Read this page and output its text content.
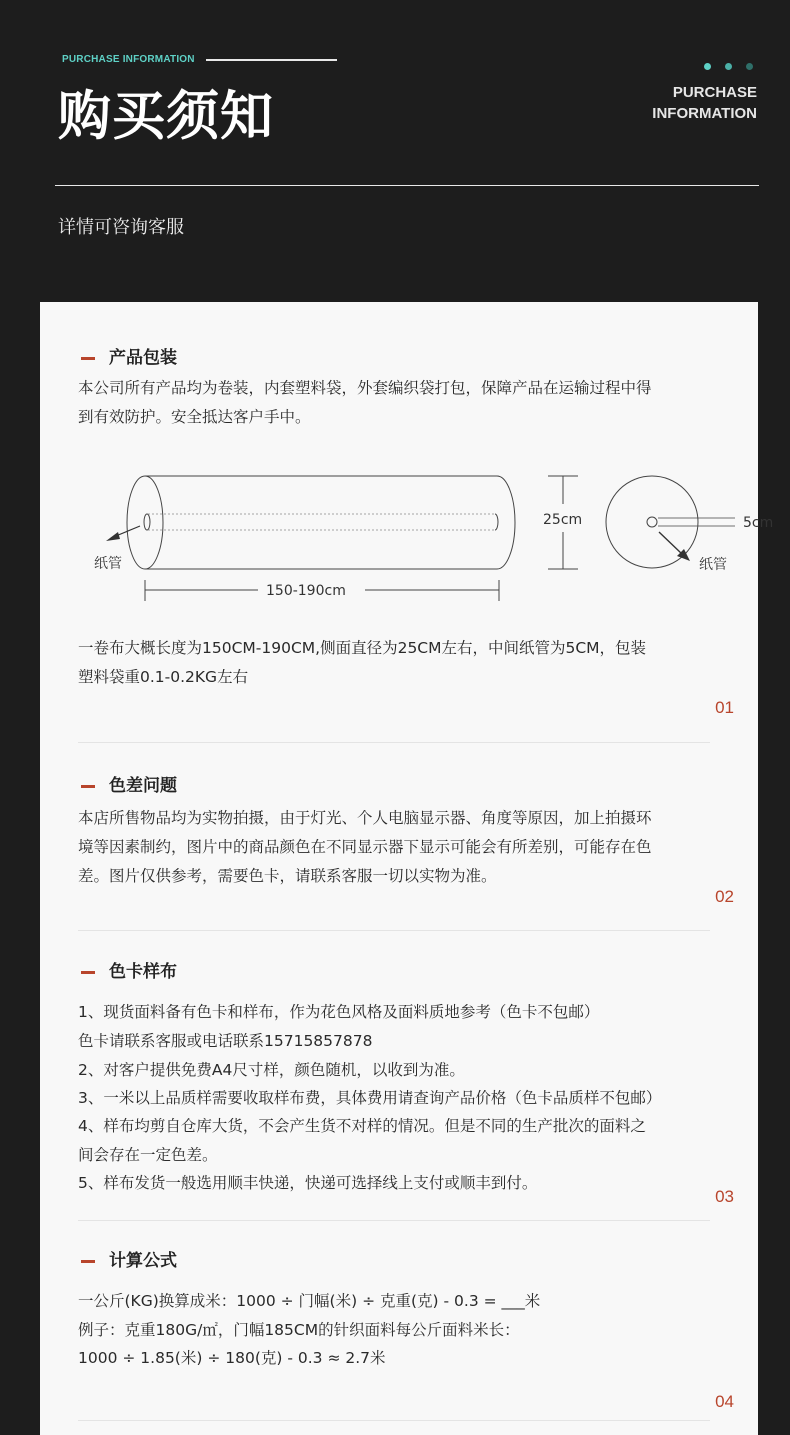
PURCHASE INFORMATION
购买须知	PURCHASE
INFORMATION
详情可咨询客服
产品包装
本公司所有产品均为卷装，内套塑料袋，外套编织袋打包，保障产品在运输过程中得
到有效防护。安全抵达客户手中。
纸管
150-190cm
25cm	5cm
纸管
一卷布大概长度为150CM-190CM,侧面直径为25CM左右，中间纸管为5CM，包装
塑料袋重0.1-0.2KG左右
01
色差问题
本店所售物品均为实物拍摄，由于灯光、个人电脑显示器、角度等原因，加上拍摄环
境等因素制约，图片中的商品颜色在不同显示器下显示可能会有所差别，可能存在色
差。图片仅供参考，需要色卡，请联系客服一切以实物为准。
02
色卡样布
1、现货面料备有色卡和样布，作为花色风格及面料质地参考（色卡不包邮）
色卡请联系客服或电话联系15715857878
2、对客户提供免费A4尺寸样，颜色随机，以收到为准。
3、一米以上品质样需要收取样布费，具体费用请查询产品价格（色卡品质样不包邮）
4、样布均剪自仓库大货，不会产生货不对样的情况。但是不同的生产批次的面料之
间会存在一定色差。
5、样布发货一般选用顺丰快递，快递可选择线上支付或顺丰到付。
03
计算公式
一公斤(KG)换算成米：1000 ÷ 门幅(米) ÷ 克重(克) - 0.3 = ___米
例子：克重180G/㎡，门幅185CM的针织面料每公斤面料米长：
1000 ÷ 1.85(米) ÷ 180(克) - 0.3 ≈ 2.7米
04
